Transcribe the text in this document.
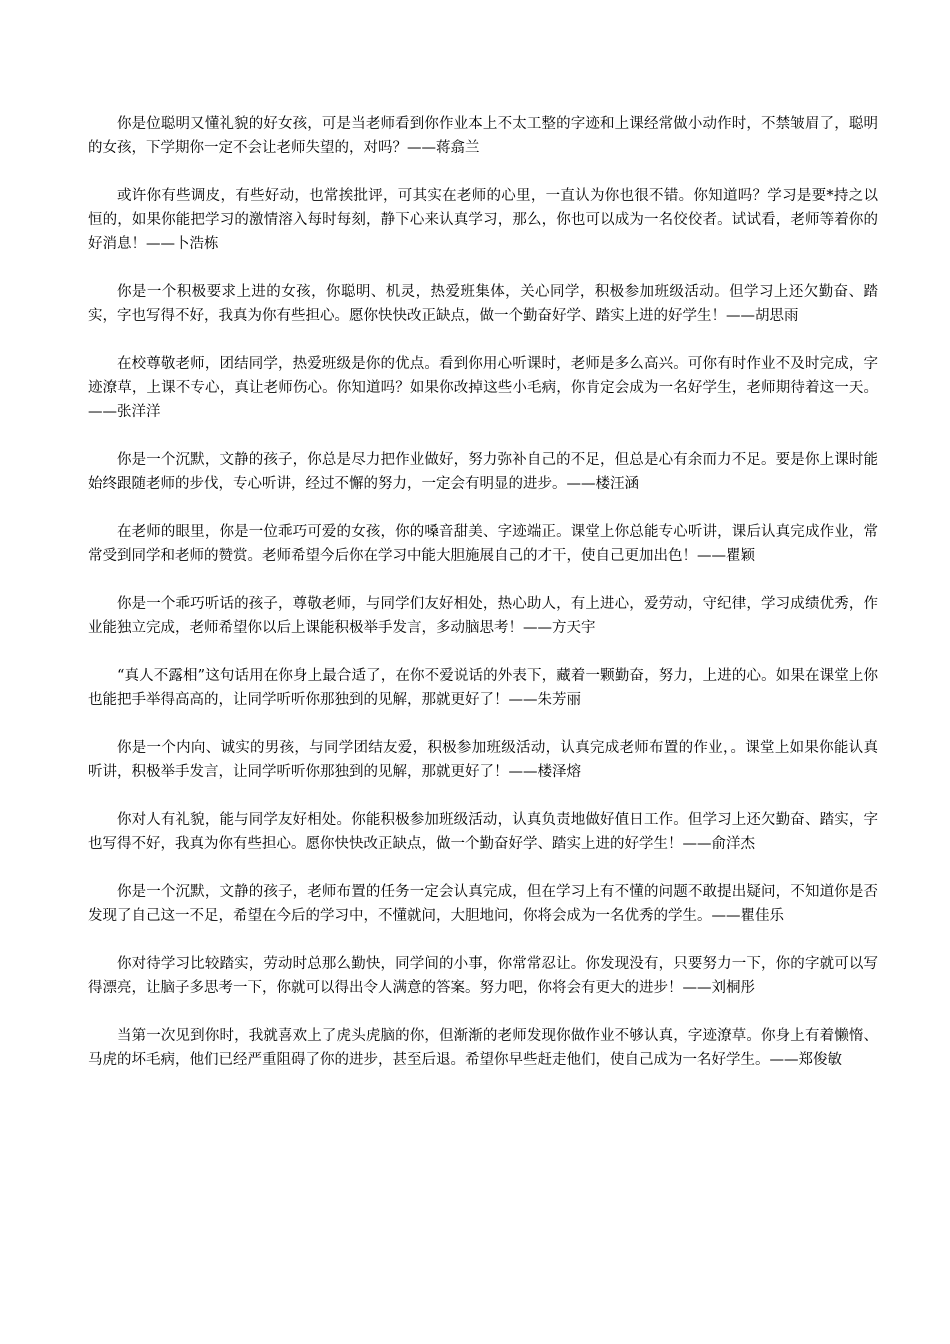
你是位聪明又懂礼貌的好女孩，可是当老师看到你作业本上不太工整的字迹和上课经常做小动作时，不禁皱眉了，聪明的女孩，下学期你一定不会让老师失望的，对吗？——蒋翕兰

或许你有些调皮，有些好动，也常挨批评，可其实在老师的心里，一直认为你也很不错。你知道吗？学习是要*持之以恒的，如果你能把学习的激情溶入每时每刻，静下心来认真学习，那么，你也可以成为一名佼佼者。试试看，老师等着你的好消息！——卜浩栋

你是一个积极要求上进的女孩，你聪明、机灵，热爱班集体，关心同学，积极参加班级活动。但学习上还欠勤奋、踏实，字也写得不好，我真为你有些担心。愿你快快改正缺点，做一个勤奋好学、踏实上进的好学生！——胡思雨

在校尊敬老师，团结同学，热爱班级是你的优点。看到你用心听课时，老师是多么高兴。可你有时作业不及时完成，字迹潦草，上课不专心，真让老师伤心。你知道吗？如果你改掉这些小毛病，你肯定会成为一名好学生，老师期待着这一天。——张洋洋

你是一个沉默，文静的孩子，你总是尽力把作业做好，努力弥补自己的不足，但总是心有余而力不足。要是你上课时能始终跟随老师的步伐，专心听讲，经过不懈的努力，一定会有明显的进步。——楼汪涵

在老师的眼里，你是一位乖巧可爱的女孩，你的嗓音甜美、字迹端正。课堂上你总能专心听讲，课后认真完成作业，常常受到同学和老师的赞赏。老师希望今后你在学习中能大胆施展自己的才干，使自己更加出色！——瞿颖

你是一个乖巧听话的孩子，尊敬老师，与同学们友好相处，热心助人，有上进心，爱劳动，守纪律，学习成绩优秀，作业能独立完成，老师希望你以后上课能积极举手发言，多动脑思考！——方天宇

“真人不露相”这句话用在你身上最合适了，在你不爱说话的外表下，藏着一颗勤奋，努力，上进的心。如果在课堂上你也能把手举得高高的，让同学听听你那独到的见解，那就更好了！——朱芳丽

你是一个内向、诚实的男孩，与同学团结友爱，积极参加班级活动，认真完成老师布置的作业，。课堂上如果你能认真听讲，积极举手发言，让同学听听你那独到的见解，那就更好了！——楼泽熔

你对人有礼貌，能与同学友好相处。你能积极参加班级活动，认真负责地做好值日工作。但学习上还欠勤奋、踏实，字也写得不好，我真为你有些担心。愿你快快改正缺点，做一个勤奋好学、踏实上进的好学生！——俞洋杰

你是一个沉默，文静的孩子，老师布置的任务一定会认真完成，但在学习上有不懂的问题不敢提出疑问，不知道你是否发现了自己这一不足，希望在今后的学习中，不懂就问，大胆地问，你将会成为一名优秀的学生。——瞿佳乐

你对待学习比较踏实，劳动时总那么勤快，同学间的小事，你常常忍让。你发现没有，只要努力一下，你的字就可以写得漂亮，让脑子多思考一下，你就可以得出令人满意的答案。努力吧，你将会有更大的进步！——刘桐彤

当第一次见到你时，我就喜欢上了虎头虎脑的你，但渐渐的老师发现你做作业不够认真，字迹潦草。你身上有着懒惰、马虎的坏毛病，他们已经严重阻碍了你的进步，甚至后退。希望你早些赶走他们，使自己成为一名好学生。——郑俊敏
